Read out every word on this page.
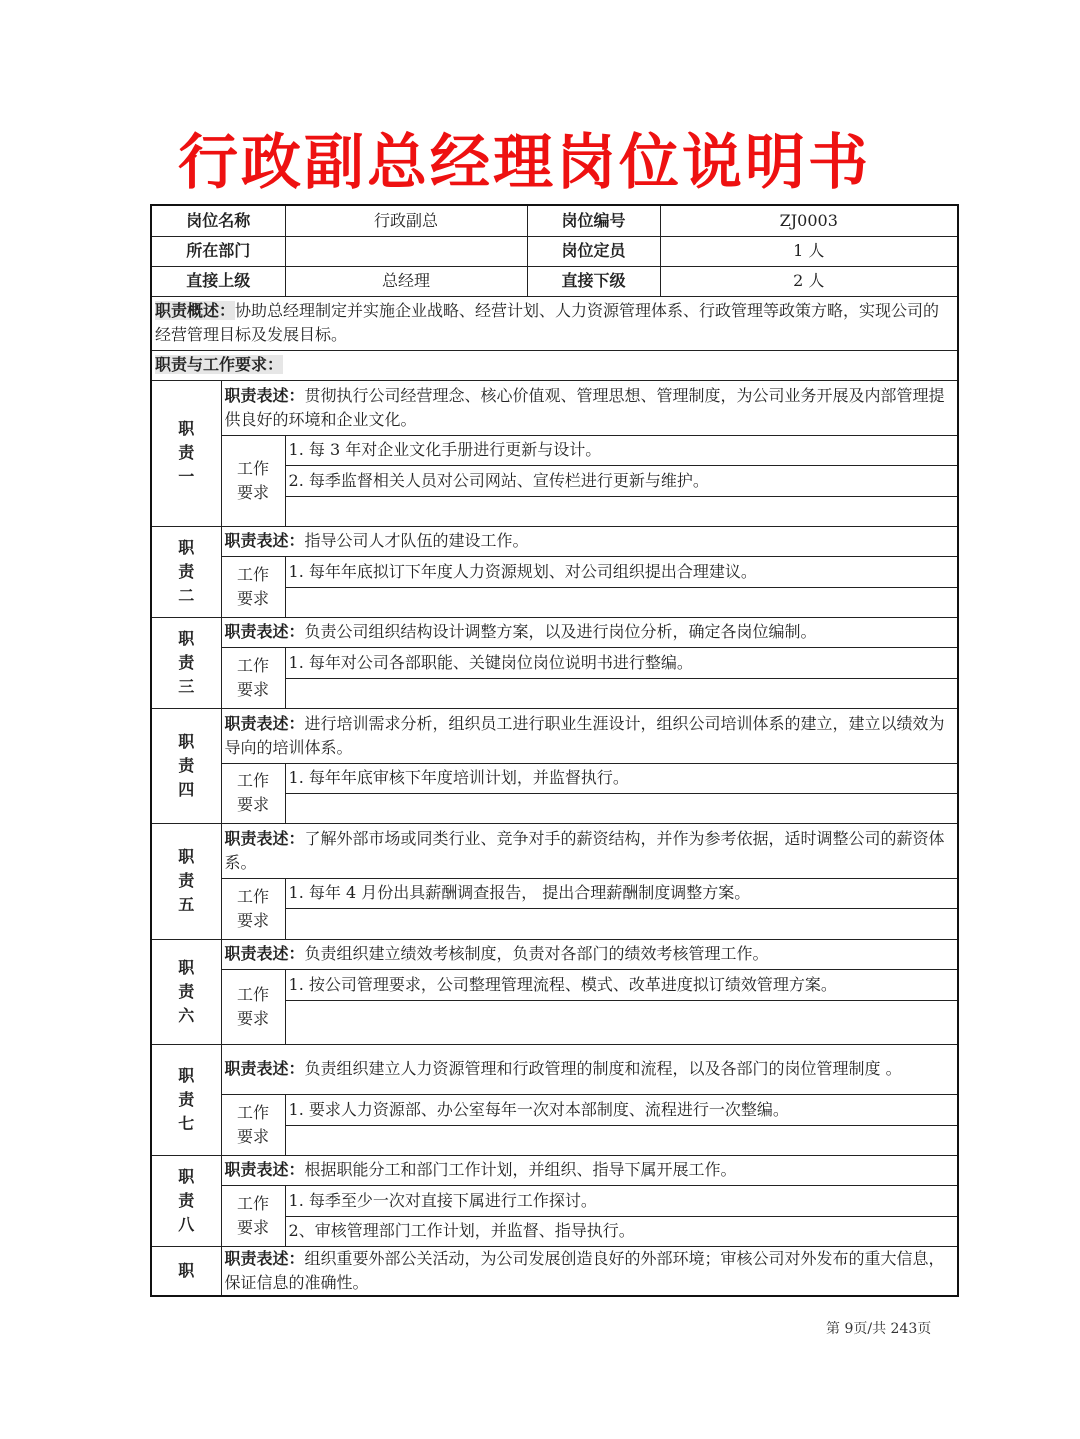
行政副总经理岗位说明书
岗位名称		行政副总	岗位编号	ZJ0003
所在部门			岗位定员	1 人
直接上级		总经理	直接下级	2 人
职责概述：协助总经理制定并实施企业战略、经营计划、人力资源管理体系、行政管理等政策方略，实现公司的经营管理目标及发展目标。				
职责与工作要求：				

职
责
一	职责表述：贯彻执行公司经营理念、核心价值观、管理思想、管理制度，为公司业务开展及内部管理提供良好的环境和企业文化。			

	工作
要求	1. 每 3 年对企业文化手册进行更新与设计。		
		2. 每季监督相关人员对公司网站、宣传栏进行更新与维护。		

职
责
二	职责表述：指导公司人才队伍的建设工作。			

	工作
要求	1. 每年年底拟订下年度人力资源规划、对公司组织提出合理建议。		

职
责
三	职责表述：负责公司组织结构设计调整方案，以及进行岗位分析，确定各岗位编制。			

	工作
要求	1. 每年对公司各部职能、关键岗位岗位说明书进行整编。		

职
责
四	职责表述：进行培训需求分析，组织员工进行职业生涯设计，组织公司培训体系的建立，建立以绩效为导向的培训体系。			

	工作
要求	1. 每年年底审核下年度培训计划，并监督执行。		

职
责
五	职责表述：了解外部市场或同类行业、竞争对手的薪资结构，并作为参考依据，适时调整公司的薪资体系。			

	工作
要求	1. 每年 4 月份出具薪酬调查报告， 提出合理薪酬制度调整方案。		

职
责
六	职责表述：负责组织建立绩效考核制度，负责对各部门的绩效考核管理工作。			

	工作
要求	1. 按公司管理要求，公司整理管理流程、模式、改革进度拟订绩效管理方案。		

职
责
七	职责表述：负责组织建立人力资源管理和行政管理的制度和流程，以及各部门的岗位管理制度 。			

	工作
要求	1. 要求人力资源部、办公室每年一次对本部制度、流程进行一次整编。		

职
责
八	职责表述：根据职能分工和部门工作计划，并组织、指导下属开展工作。			

	工作
要求	1. 每季至少一次对直接下属进行工作探讨。		
		2、审核管理部门工作计划，并监督、指导执行。		

职	职责表述：组织重要外部公关活动，为公司发展创造良好的外部环境；审核公司对外发布的重大信息，保证信息的准确性。			
第 9页/共 243页
